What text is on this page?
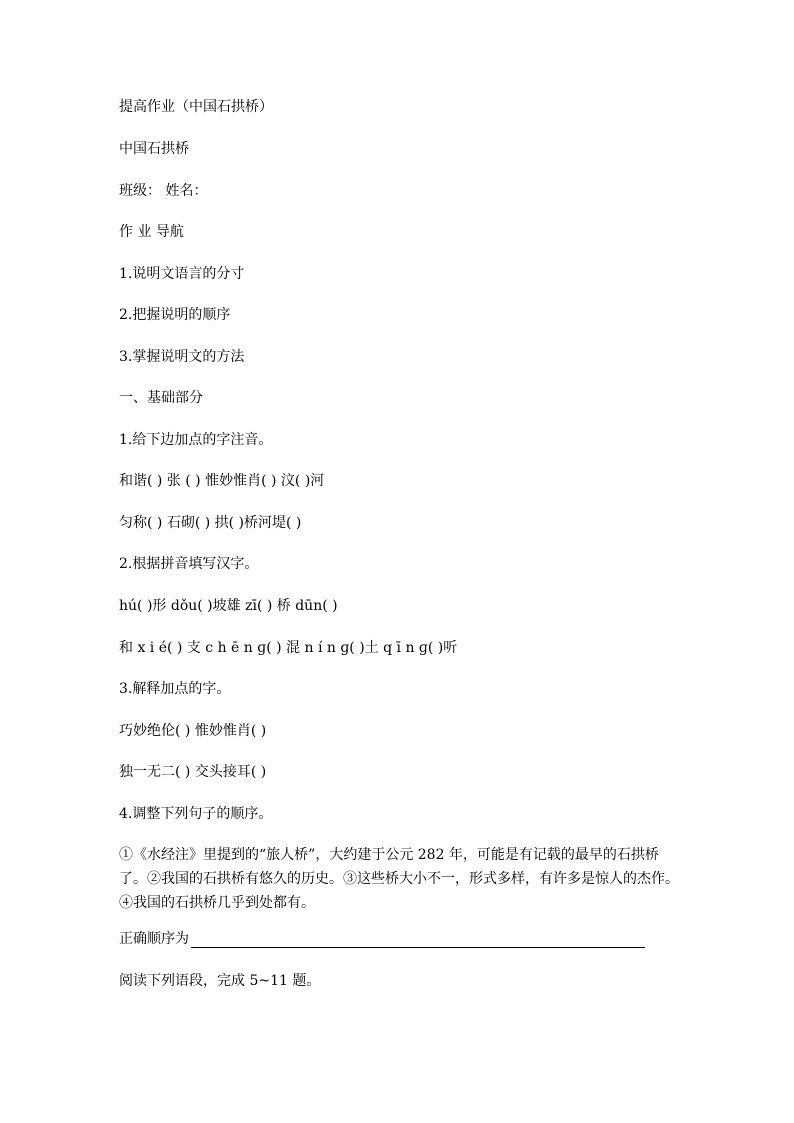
提高作业（中国石拱桥）
中国石拱桥
班级： 姓名：
作 业 导航
1.说明文语言的分寸
2.把握说明的顺序
3.掌握说明文的方法
一、基础部分
1.给下边加点的字注音。
和谐( ) 张 ( ) 惟妙惟肖( ) 汶( )河
匀称( ) 石砌( ) 拱( )桥河堤( )
2.根据拼音填写汉字。
hú( )形 dǒu( )坡雄 zī( ) 桥 dūn( )
和 x i é( ) 支 c h ē n ɡ( ) 混 n í n ɡ( )土 q ī n ɡ( )听
3.解释加点的字。
巧妙绝伦( ) 惟妙惟肖( )
独一无二( ) 交头接耳( )
4.调整下列句子的顺序。
①《水经注》里提到的“旅人桥”，大约建于公元 282 年，可能是有记载的最早的石拱桥了。②我国的石拱桥有悠久的历史。③这些桥大小不一，形式多样，有许多是惊人的杰作。④我国的石拱桥几乎到处都有。
正确顺序为
阅读下列语段，完成 5~11 题。
